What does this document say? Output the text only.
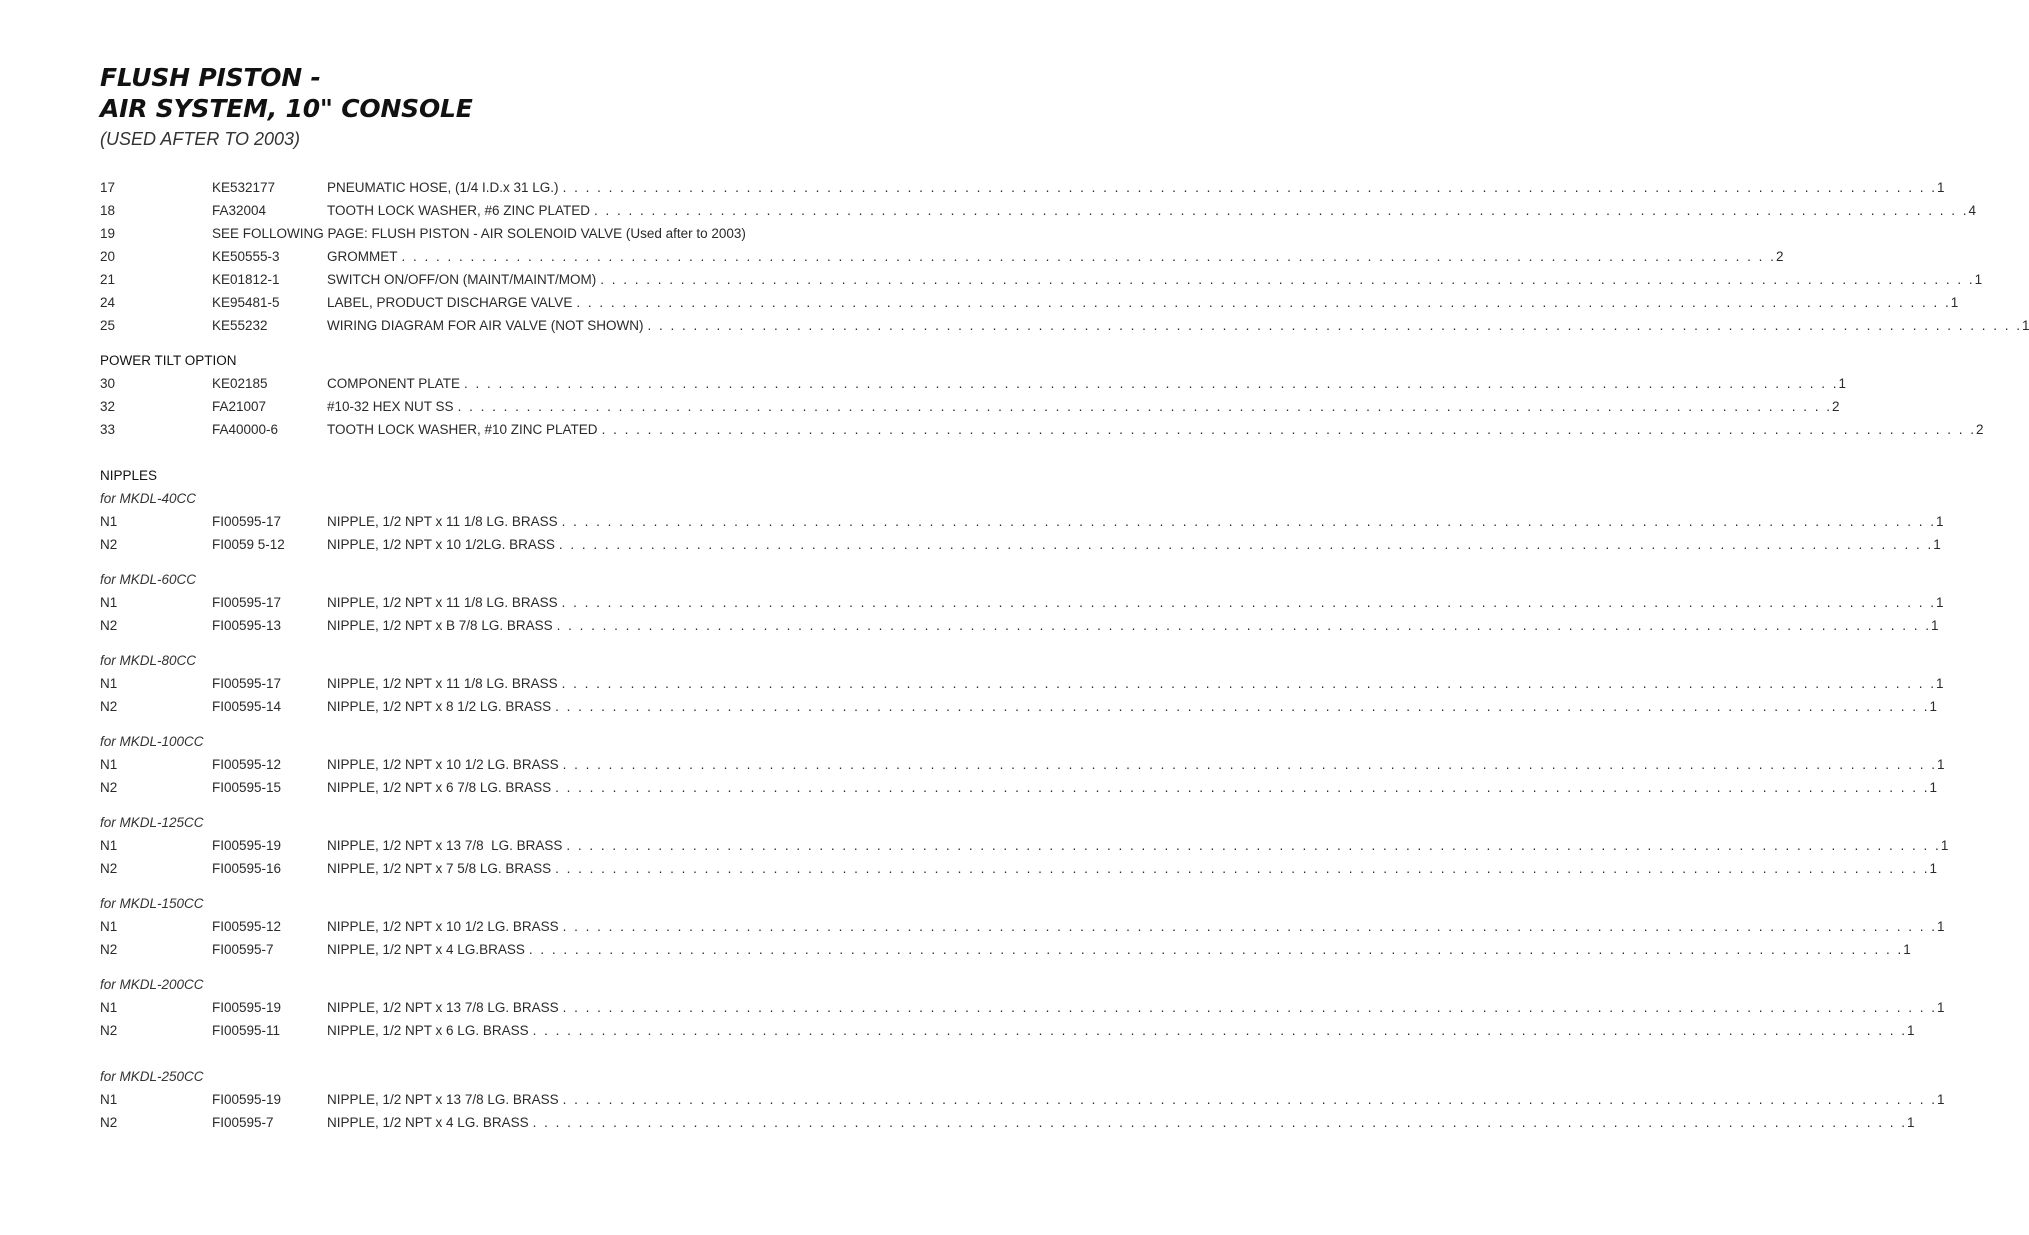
FLUSH PISTON -
AIR SYSTEM, 10" CONSOLE
(USED AFTER TO 2003)
17	KE532177	PNEUMATIC HOSE, (1/4 I.D.x 31 LG.) . . . . . . . . . . . . . . . . . . . . . . . . . . . . . . . . . . . . . . . . . . . . . . . . . . . . . . . . . . . . . . . . . . . . . . . . . . . . . . . . . . . . . . . . . . . . . . . . . . . . . . . . . . . . . . . . . . . . . . . . 1
18	FA32004	TOOTH LOCK WASHER, #6 ZINC PLATED . . . . . . . . . . . . . . . . . . . . . . . . . . . . . . . . . . . . . . . . . . . . . . . . . . . . . . . . . . . . . . . . . . . . . . . . . . . . . . . . . . . . . . . . . . . . . . . . . . . . . . . . . . . . . . . . . . . . . . . . 4
19	SEE FOLLOWING PAGE: FLUSH PISTON - AIR SOLENOID VALVE (Used after to 2003)
20	KE50555-3	GROMMET . . . . . . . . . . . . . . . . . . . . . . . . . . . . . . . . . . . . . . . . . . . . . . . . . . . . . . . . . . . . . . . . . . . . . . . . . . . . . . . . . . . . . . . . . . . . . . . . . . . . . . . . . . . . . . . . . . . . . . . . 2
21	KE01812-1	SWITCH ON/OFF/ON (MAINT/MAINT/MOM) . . . . . . . . . . . . . . . . . . . . . . . . . . . . . . . . . . . . . . . . . . . . . . . . . . . . . . . . . . . . . . . . . . . . . . . . . . . . . . . . . . . . . . . . . . . . . . . . . . . . . . . . . . . . . . . . . . . . . . . . 1
24	KE95481-5	LABEL, PRODUCT DISCHARGE VALVE . . . . . . . . . . . . . . . . . . . . . . . . . . . . . . . . . . . . . . . . . . . . . . . . . . . . . . . . . . . . . . . . . . . . . . . . . . . . . . . . . . . . . . . . . . . . . . . . . . . . . . . . . . . . . . . . . . . . . . . . 1
25	KE55232	WIRING DIAGRAM FOR AIR VALVE (NOT SHOWN) . . . . . . . . . . . . . . . . . . . . . . . . . . . . . . . . . . . . . . . . . . . . . . . . . . . . . . . . . . . . . . . . . . . . . . . . . . . . . . . . . . . . . . . . . . . . . . . . . . . . . . . . . . . . . . . . . . . . . . . . 1
POWER TILT OPTION
30	KE02185	COMPONENT PLATE . . . . . . . . . . . . . . . . . . . . . . . . . . . . . . . . . . . . . . . . . . . . . . . . . . . . . . . . . . . . . . . . . . . . . . . . . . . . . . . . . . . . . . . . . . . . . . . . . . . . . . . . . . . . . . . . . . . . . . . . 1
32	FA21007	#10-32 HEX NUT SS . . . . . . . . . . . . . . . . . . . . . . . . . . . . . . . . . . . . . . . . . . . . . . . . . . . . . . . . . . . . . . . . . . . . . . . . . . . . . . . . . . . . . . . . . . . . . . . . . . . . . . . . . . . . . . . . . . . . . . . . 2
33	FA40000-6	TOOTH LOCK WASHER, #10 ZINC PLATED . . . . . . . . . . . . . . . . . . . . . . . . . . . . . . . . . . . . . . . . . . . . . . . . . . . . . . . . . . . . . . . . . . . . . . . . . . . . . . . . . . . . . . . . . . . . . . . . . . . . . . . . . . . . . . . . . . . . . . . . 2
NIPPLES
for MKDL-40CC
N1	FI00595-17	NIPPLE, 1/2 NPT x 11 1/8 LG. BRASS . . . . . . . . . . . . . . . . . . . . . . . . . . . . . . . . . . . . . . . . . . . . . . . . . . . . . . . . . . . . . . . . . . . . . . . . . . . . . . . . . . . . . . . . . . . . . . . . . . . . . . . . . . . . . . . . . . . . . . . . 1
N2	FI0059 5-12	NIPPLE, 1/2 NPT x 10 1/2LG. BRASS . . . . . . . . . . . . . . . . . . . . . . . . . . . . . . . . . . . . . . . . . . . . . . . . . . . . . . . . . . . . . . . . . . . . . . . . . . . . . . . . . . . . . . . . . . . . . . . . . . . . . . . . . . . . . . . . . . . . . . . . 1
for MKDL-60CC
N1	FI00595-17	NIPPLE, 1/2 NPT x 11 1/8 LG. BRASS . . . . . . . . . . . . . . . . . . . . . . . . . . . . . . . . . . . . . . . . . . . . . . . . . . . . . . . . . . . . . . . . . . . . . . . . . . . . . . . . . . . . . . . . . . . . . . . . . . . . . . . . . . . . . . . . . . . . . . . . 1
N2	FI00595-13	NIPPLE, 1/2 NPT x B 7/8 LG. BRASS . . . . . . . . . . . . . . . . . . . . . . . . . . . . . . . . . . . . . . . . . . . . . . . . . . . . . . . . . . . . . . . . . . . . . . . . . . . . . . . . . . . . . . . . . . . . . . . . . . . . . . . . . . . . . . . . . . . . . . . . 1
for MKDL-80CC
N1	FI00595-17	NIPPLE, 1/2 NPT x 11 1/8 LG. BRASS . . . . . . . . . . . . . . . . . . . . . . . . . . . . . . . . . . . . . . . . . . . . . . . . . . . . . . . . . . . . . . . . . . . . . . . . . . . . . . . . . . . . . . . . . . . . . . . . . . . . . . . . . . . . . . . . . . . . . . . . 1
N2	FI00595-14	NIPPLE, 1/2 NPT x 8 1/2 LG. BRASS . . . . . . . . . . . . . . . . . . . . . . . . . . . . . . . . . . . . . . . . . . . . . . . . . . . . . . . . . . . . . . . . . . . . . . . . . . . . . . . . . . . . . . . . . . . . . . . . . . . . . . . . . . . . . . . . . . . . . . . . 1
for MKDL-100CC
N1	FI00595-12	NIPPLE, 1/2 NPT x 10 1/2 LG. BRASS . . . . . . . . . . . . . . . . . . . . . . . . . . . . . . . . . . . . . . . . . . . . . . . . . . . . . . . . . . . . . . . . . . . . . . . . . . . . . . . . . . . . . . . . . . . . . . . . . . . . . . . . . . . . . . . . . . . . . . . . 1
N2	FI00595-15	NIPPLE, 1/2 NPT x 6 7/8 LG. BRASS . . . . . . . . . . . . . . . . . . . . . . . . . . . . . . . . . . . . . . . . . . . . . . . . . . . . . . . . . . . . . . . . . . . . . . . . . . . . . . . . . . . . . . . . . . . . . . . . . . . . . . . . . . . . . . . . . . . . . . . . 1
for MKDL-125CC
N1	FI00595-19	NIPPLE, 1/2 NPT x 13 7/8  LG. BRASS . . . . . . . . . . . . . . . . . . . . . . . . . . . . . . . . . . . . . . . . . . . . . . . . . . . . . . . . . . . . . . . . . . . . . . . . . . . . . . . . . . . . . . . . . . . . . . . . . . . . . . . . . . . . . . . . . . . . . . . . 1
N2	FI00595-16	NIPPLE, 1/2 NPT x 7 5/8 LG. BRASS . . . . . . . . . . . . . . . . . . . . . . . . . . . . . . . . . . . . . . . . . . . . . . . . . . . . . . . . . . . . . . . . . . . . . . . . . . . . . . . . . . . . . . . . . . . . . . . . . . . . . . . . . . . . . . . . . . . . . . . . 1
for MKDL-150CC
N1	FI00595-12	NIPPLE, 1/2 NPT x 10 1/2 LG. BRASS . . . . . . . . . . . . . . . . . . . . . . . . . . . . . . . . . . . . . . . . . . . . . . . . . . . . . . . . . . . . . . . . . . . . . . . . . . . . . . . . . . . . . . . . . . . . . . . . . . . . . . . . . . . . . . . . . . . . . . . . 1
N2	FI00595-7	NIPPLE, 1/2 NPT x 4 LG.BRASS . . . . . . . . . . . . . . . . . . . . . . . . . . . . . . . . . . . . . . . . . . . . . . . . . . . . . . . . . . . . . . . . . . . . . . . . . . . . . . . . . . . . . . . . . . . . . . . . . . . . . . . . . . . . . . . . . . . . . . . . 1
for MKDL-200CC
N1	FI00595-19	NIPPLE, 1/2 NPT x 13 7/8 LG. BRASS . . . . . . . . . . . . . . . . . . . . . . . . . . . . . . . . . . . . . . . . . . . . . . . . . . . . . . . . . . . . . . . . . . . . . . . . . . . . . . . . . . . . . . . . . . . . . . . . . . . . . . . . . . . . . . . . . . . . . . . . 1
N2	FI00595-11	NIPPLE, 1/2 NPT x 6 LG. BRASS . . . . . . . . . . . . . . . . . . . . . . . . . . . . . . . . . . . . . . . . . . . . . . . . . . . . . . . . . . . . . . . . . . . . . . . . . . . . . . . . . . . . . . . . . . . . . . . . . . . . . . . . . . . . . . . . . . . . . . . . 1
for MKDL-250CC
N1	FI00595-19	NIPPLE, 1/2 NPT x 13 7/8 LG. BRASS . . . . . . . . . . . . . . . . . . . . . . . . . . . . . . . . . . . . . . . . . . . . . . . . . . . . . . . . . . . . . . . . . . . . . . . . . . . . . . . . . . . . . . . . . . . . . . . . . . . . . . . . . . . . . . . . . . . . . . . . 1
N2	FI00595-7	NIPPLE, 1/2 NPT x 4 LG. BRASS . . . . . . . . . . . . . . . . . . . . . . . . . . . . . . . . . . . . . . . . . . . . . . . . . . . . . . . . . . . . . . . . . . . . . . . . . . . . . . . . . . . . . . . . . . . . . . . . . . . . . . . . . . . . . . . . . . . . . . . . 1
